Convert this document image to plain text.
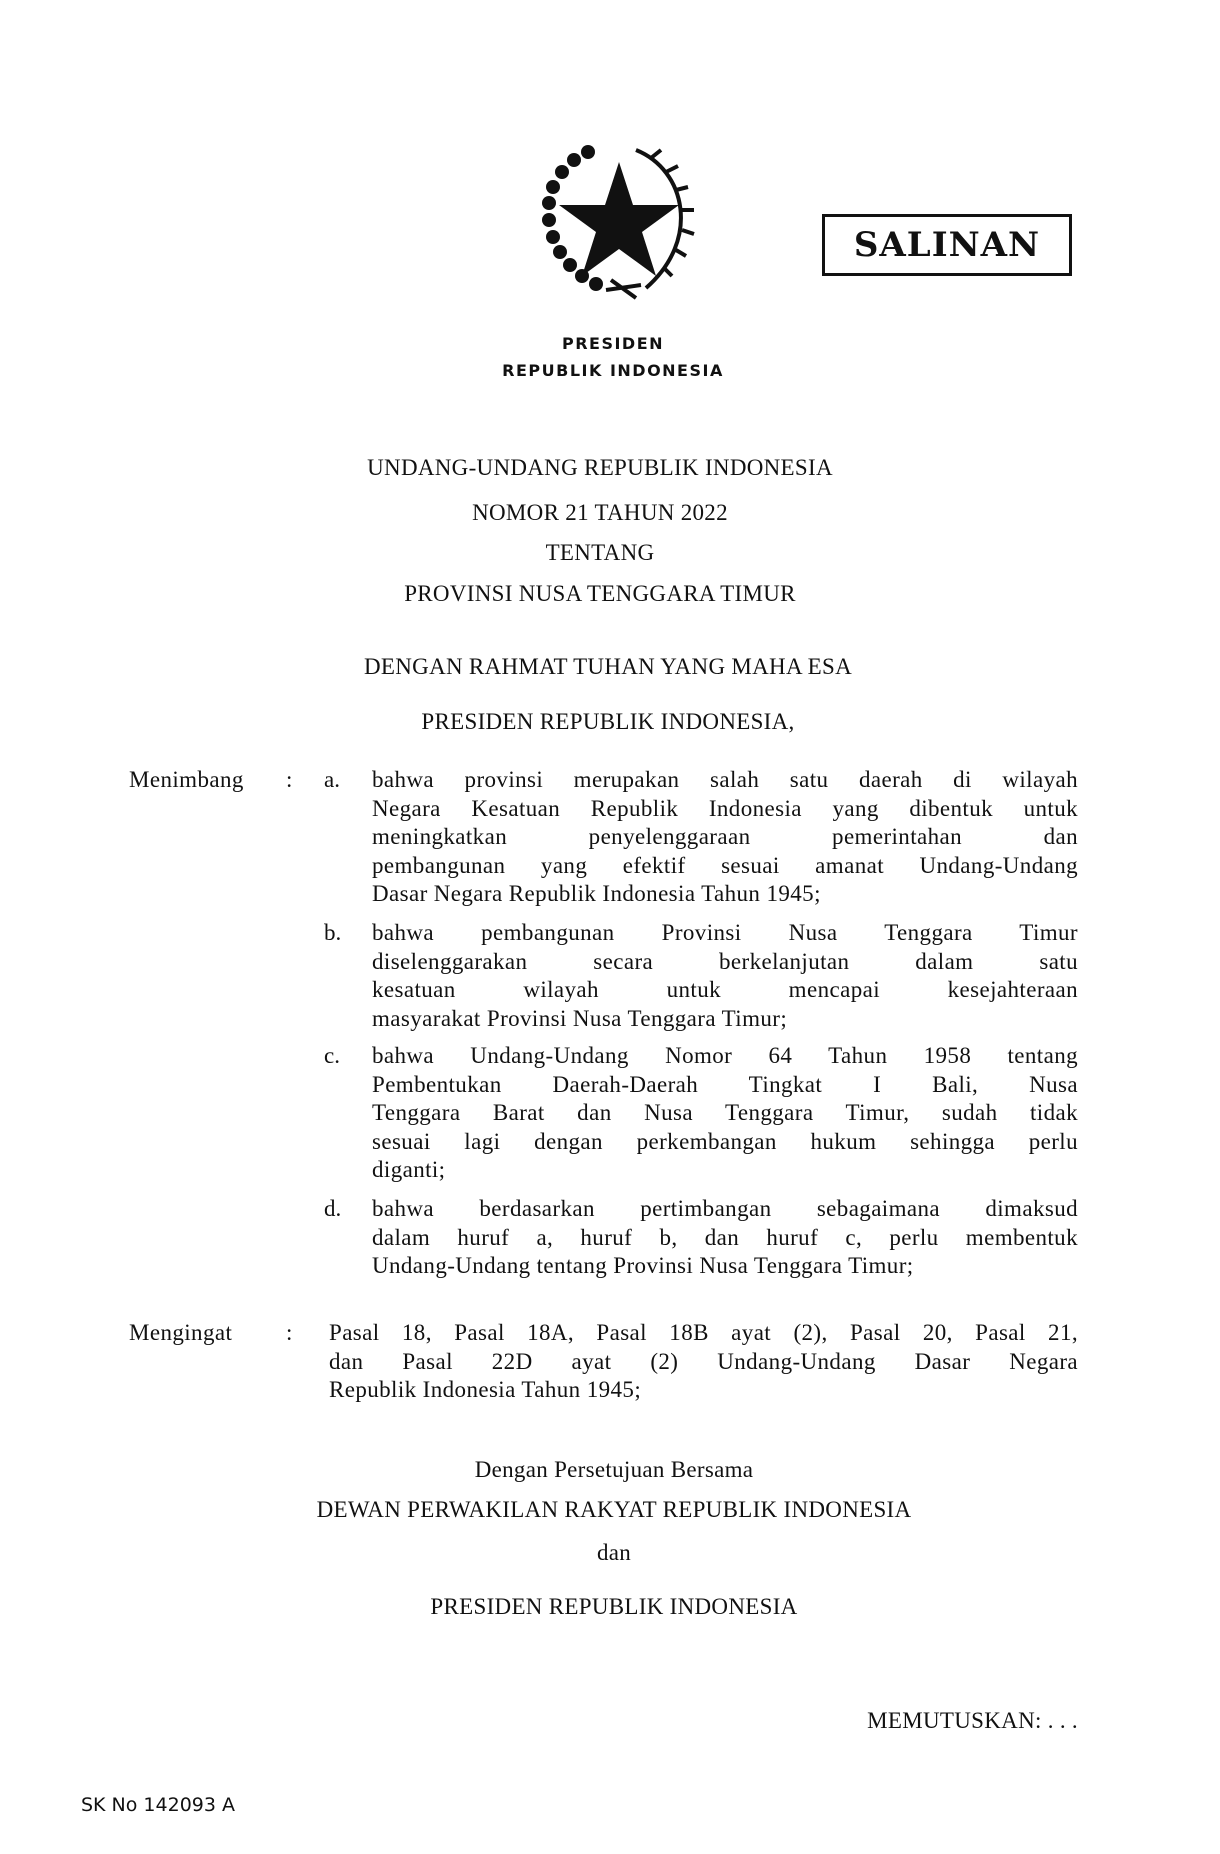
SALINAN
PRESIDEN
REPUBLIK INDONESIA
UNDANG-UNDANG REPUBLIK INDONESIA
NOMOR 21 TAHUN 2022
TENTANG
PROVINSI NUSA TENGGARA TIMUR
DENGAN RAHMAT TUHAN YANG MAHA ESA
PRESIDEN REPUBLIK INDONESIA,
Menimbang : a. bahwa provinsi merupakan salah satu daerah di wilayah
Negara Kesatuan Republik Indonesia yang dibentuk untuk
meningkatkan penyelenggaraan pemerintahan dan
pembangunan yang efektif sesuai amanat Undang-Undang
Dasar Negara Republik Indonesia Tahun 1945;
b. bahwa pembangunan Provinsi Nusa Tenggara Timur
diselenggarakan secara berkelanjutan dalam satu
kesatuan wilayah untuk mencapai kesejahteraan
masyarakat Provinsi Nusa Tenggara Timur;
c. bahwa Undang-Undang Nomor 64 Tahun 1958 tentang
Pembentukan Daerah-Daerah Tingkat I Bali, Nusa
Tenggara Barat dan Nusa Tenggara Timur, sudah tidak
sesuai lagi dengan perkembangan hukum sehingga perlu
diganti;
d. bahwa berdasarkan pertimbangan sebagaimana dimaksud
dalam huruf a, huruf b, dan huruf c, perlu membentuk
Undang-Undang tentang Provinsi Nusa Tenggara Timur;
Mengingat : Pasal 18, Pasal 18A, Pasal 18B ayat (2), Pasal 20, Pasal 21,
dan Pasal 22D ayat (2) Undang-Undang Dasar Negara
Republik Indonesia Tahun 1945;
Dengan Persetujuan Bersama
DEWAN PERWAKILAN RAKYAT REPUBLIK INDONESIA
dan
PRESIDEN REPUBLIK INDONESIA
MEMUTUSKAN: . . .
SK No 142093 A
